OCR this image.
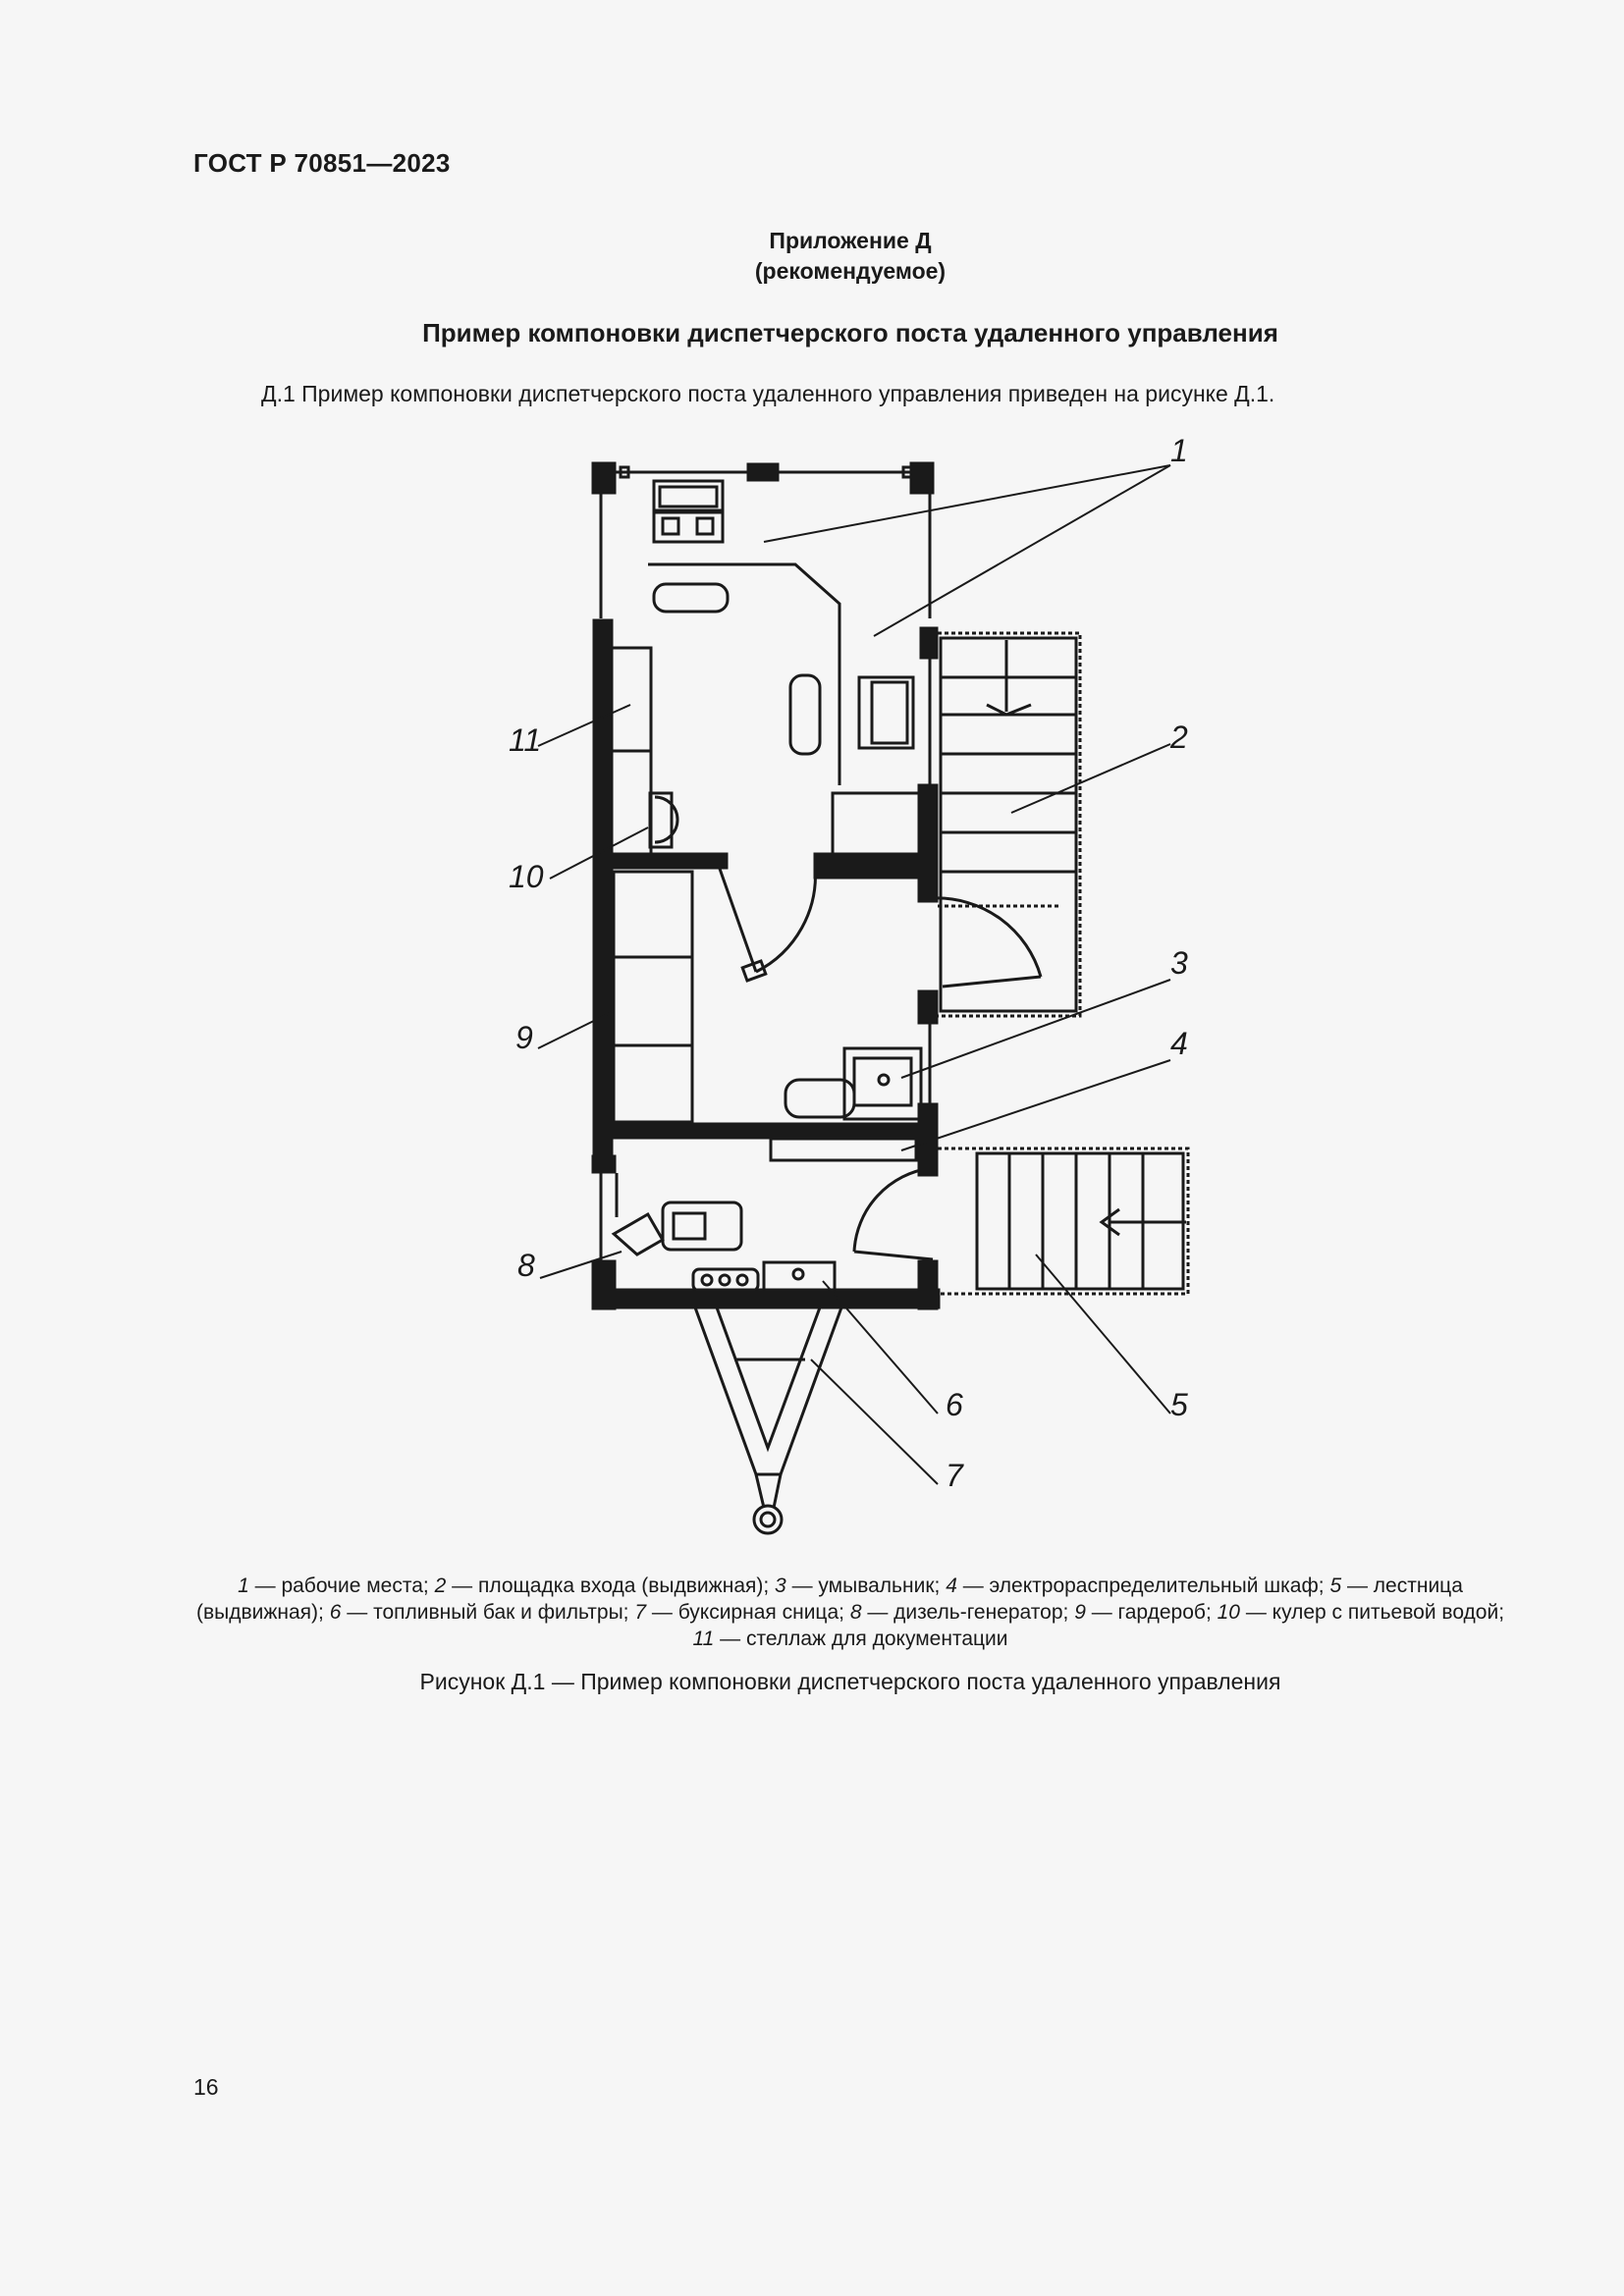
ГОСТ Р 70851—2023
Приложение Д
(рекомендуемое)
Пример компоновки диспетчерского поста удаленного управления
Д.1 Пример компоновки диспетчерского поста удаленного управления приведен на рисунке Д.1.
1
2
3
4
5
6
7
8
9
10
11
1 — рабочие места; 2 — площадка входа (выдвижная); 3 — умывальник; 4 — электрораспределительный шкаф; 5 — лестница (выдвижная); 6 — топливный бак и фильтры; 7 — буксирная сница; 8 — дизель-генератор; 9 — гардероб; 10 — кулер с питьевой водой; 11 — стеллаж для документации
Рисунок Д.1 — Пример компоновки диспетчерского поста удаленного управления
16
